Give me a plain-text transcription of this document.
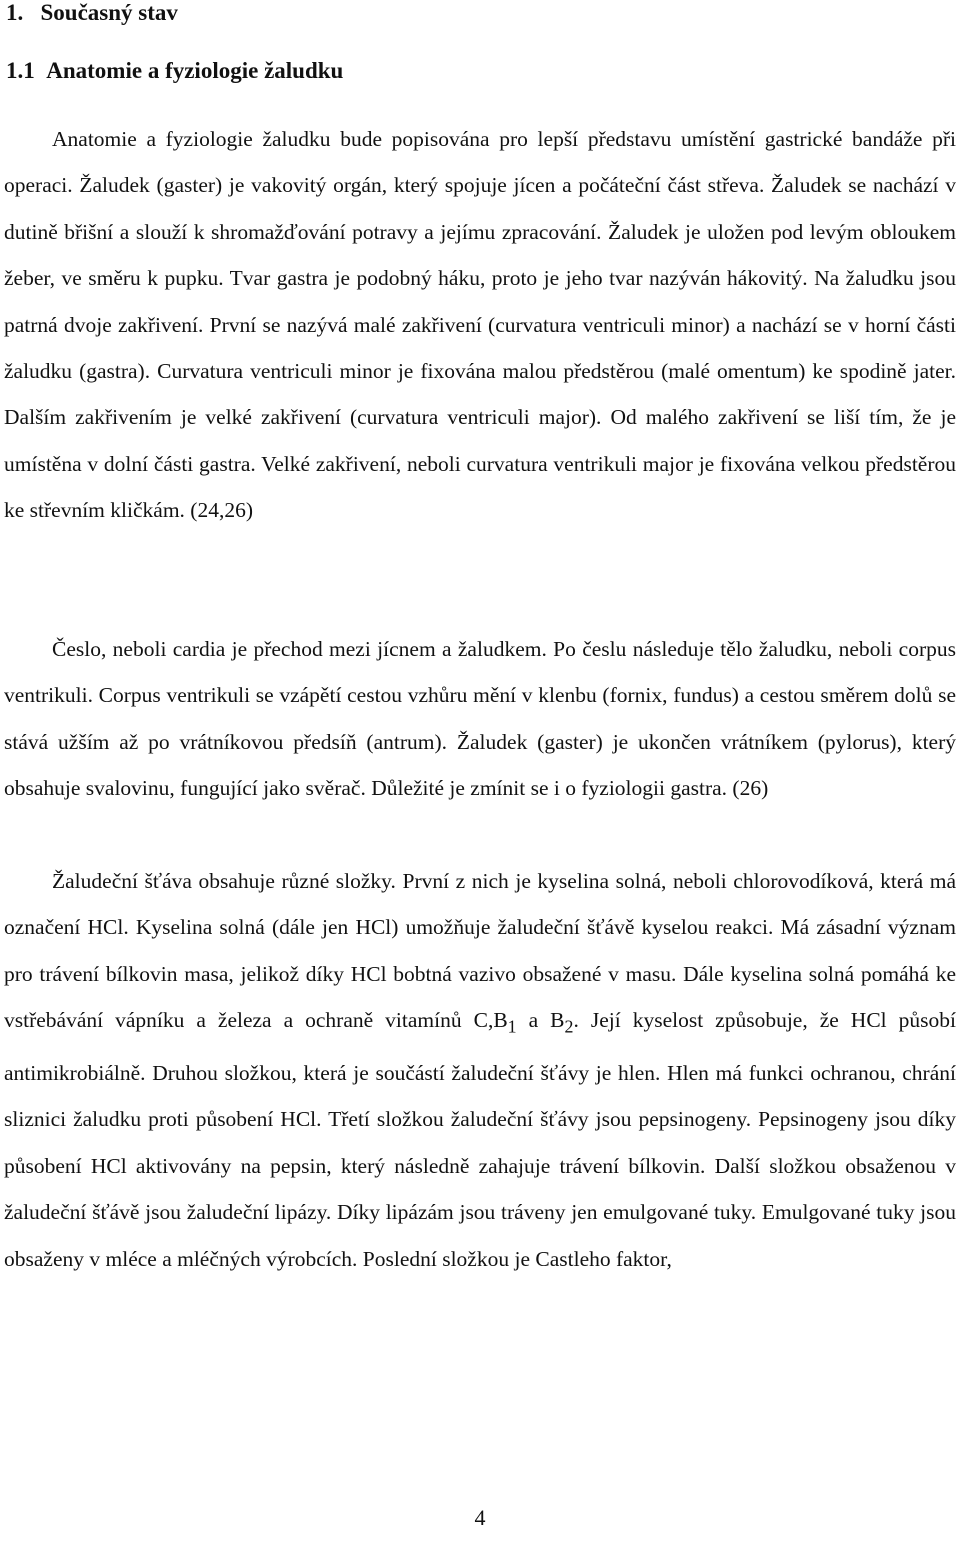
1. Současný stav
1.1 Anatomie a fyziologie žaludku

Anatomie a fyziologie žaludku bude popisována pro lepší představu umístění gastrické bandáže při operaci. Žaludek (gaster) je vakovitý orgán, který spojuje jícen a počáteční část střeva. Žaludek se nachází v dutině břišní a slouží k shromažďování potravy a jejímu zpracování. Žaludek je uložen pod levým obloukem žeber, ve směru k pupku. Tvar gastra je podobný háku, proto je jeho tvar nazýván hákovitý. Na žaludku jsou patrná dvoje zakřivení. První se nazývá malé zakřivení (curvatura ventriculi minor) a nachází se v horní části žaludku (gastra). Curvatura ventriculi minor je fixována malou předstěrou (malé omentum) ke spodině jater. Dalším zakřivením je velké zakřivení (curvatura ventriculi major). Od malého zakřivení se liší tím, že je umístěna v dolní části gastra. Velké zakřivení, neboli curvatura ventrikuli major je fixována velkou předstěrou ke střevním kličkám. (24,26)

Česlo, neboli cardia je přechod mezi jícnem a žaludkem. Po česlu následuje tělo žaludku, neboli corpus ventrikuli. Corpus ventrikuli se vzápětí cestou vzhůru mění v klenbu (fornix, fundus) a cestou směrem dolů se stává užším až po vrátníkovou předsíň (antrum). Žaludek (gaster) je ukončen vrátníkem (pylorus), který obsahuje svalovinu, fungující jako svěrač. Důležité je zmínit se i o fyziologii gastra. (26)

Žaludeční šťáva obsahuje různé složky. První z nich je kyselina solná, neboli chlorovodíková, která má označení HCl. Kyselina solná (dále jen HCl) umožňuje žaludeční šťávě kyselou reakci. Má zásadní význam pro trávení bílkovin masa, jelikož díky HCl bobtná vazivo obsažené v masu. Dále kyselina solná pomáhá ke vstřebávání vápníku a železa a ochraně vitamínů $C,B_1$ a $B_2$. Její kyselost způsobuje, že HCl působí antimikrobiálně. Druhou složkou, která je součástí žaludeční šťávy je hlen. Hlen má funkci ochranou, chrání sliznici žaludku proti působení HCl. Třetí složkou žaludeční šťávy jsou pepsinogeny. Pepsinogeny jsou díky působení HCl aktivovány na pepsin, který následně zahajuje trávení bílkovin. Další složkou obsaženou v žaludeční šťávě jsou žaludeční lipázy. Díky lipázám jsou tráveny jen emulgované tuky. Emulgované tuky jsou obsaženy v mléce a mléčných výrobcích. Poslední složkou je Castleho faktor,

4
